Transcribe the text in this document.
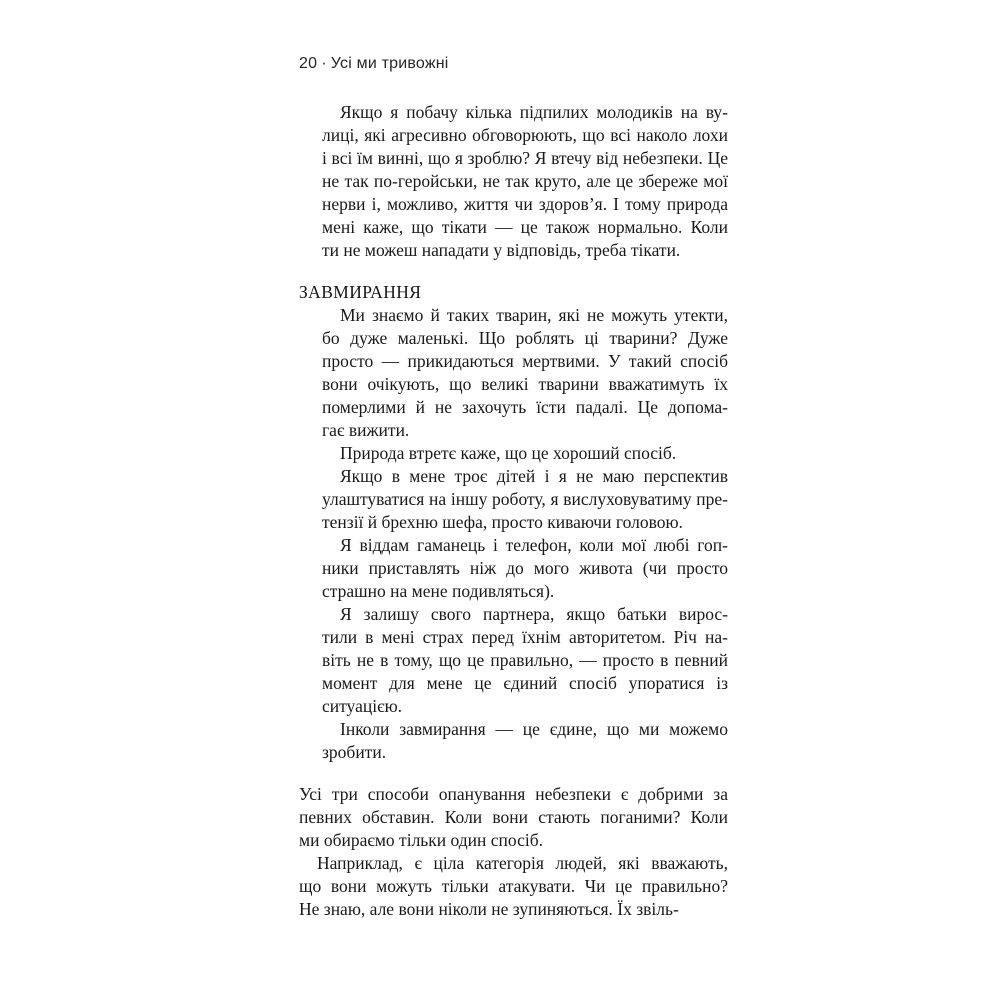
20 · Усі ми тривожні
Якщо я побачу кілька підпилих молодиків на ву-
лиці, які агресивно обговорюють, що всі наколо лохи
і всі їм винні, що я зроблю? Я втечу від небезпеки. Це
не так по-геройськи, не так круто, але це збереже мої
нерви і, можливо, життя чи здоров’я. І тому природа
мені каже, що тікати — це також нормально. Коли
ти не можеш нападати у відповідь, треба тікати.
ЗАВМИРАННЯ
Ми знаємо й таких тварин, які не можуть утекти,
бо дуже маленькі. Що роблять ці тварини? Дуже
просто — прикидаються мертвими. У такий спосіб
вони очікують, що великі тварини вважатимуть їх
померлими й не захочуть їсти падалі. Це допома-
гає вижити.
Природа втретє каже, що це хороший спосіб.
Якщо в мене троє дітей і я не маю перспектив
улаштуватися на іншу роботу, я вислуховуватиму пре-
тензії й брехню шефа, просто киваючи головою.
Я віддам гаманець і телефон, коли мої любі гоп-
ники приставлять ніж до мого живота (чи просто
страшно на мене подивляться).
Я залишу свого партнера, якщо батьки вирос-
тили в мені страх перед їхнім авторитетом. Річ на-
віть не в тому, що це правильно, — просто в певний
момент для мене це єдиний спосіб упоратися із
ситуацією.
Інколи завмирання — це єдине, що ми можемо
зробити.
Усі три способи опанування небезпеки є добрими за
певних обставин. Коли вони стають поганими? Коли
ми обираємо тільки один спосіб.
Наприклад, є ціла категорія людей, які вважають,
що вони можуть тільки атакувати. Чи це правильно?
Не знаю, але вони ніколи не зупиняються. Їх звіль-
